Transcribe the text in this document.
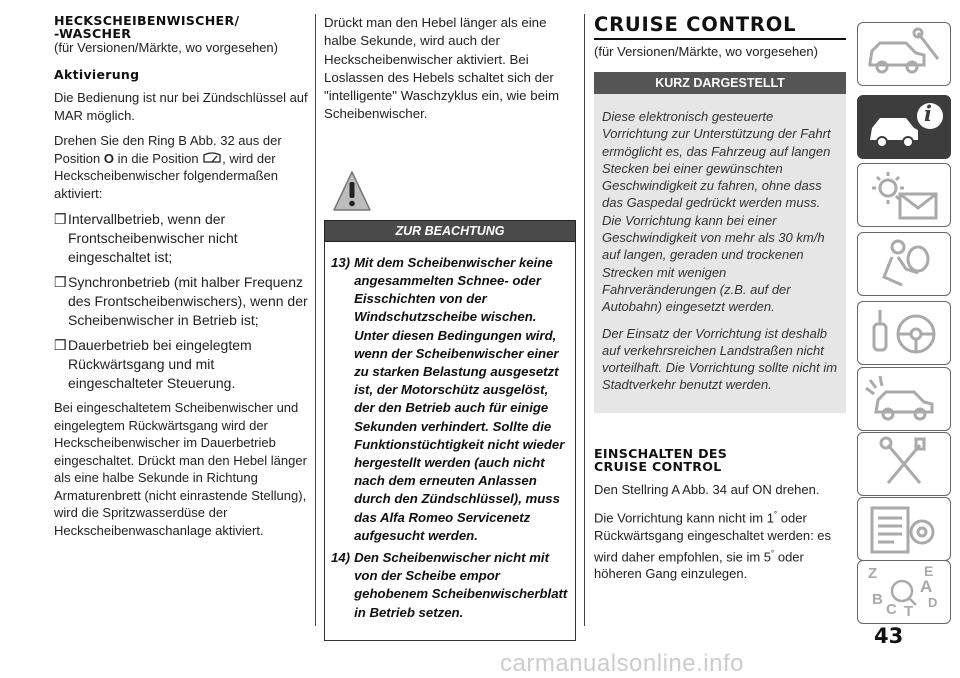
HECKSCHEIBENWISCHER/
-WASCHER

(für Versionen/Märkte, wo vorgesehen)

Aktivierung

Die Bedienung ist nur bei Zündschlüssel auf MAR möglich.

Drehen Sie den Ring B Abb. 32 aus der Position O in die Position , wird der Heckscheibenwischer folgendermaßen aktiviert:

❒ Intervallbetrieb, wenn der Frontscheibenwischer nicht eingeschaltet ist;
❒ Synchronbetrieb (mit halber Frequenz des Frontscheibenwischers), wenn der Scheibenwischer in Betrieb ist;
❒ Dauerbetrieb bei eingelegtem Rückwärtsgang und mit eingeschalteter Steuerung.

Bei eingeschaltetem Scheibenwischer und eingelegtem Rückwärtsgang wird der Heckscheibenwischer im Dauerbetrieb eingeschaltet. Drückt man den Hebel länger als eine halbe Sekunde in Richtung Armaturenbrett (nicht einrastende Stellung), wird die Spritzwasserdüse der Heckscheibenwaschanlage aktiviert.

Drückt man den Hebel länger als eine halbe Sekunde, wird auch der Heckscheibenwischer aktiviert. Bei Loslassen des Hebels schaltet sich der "intelligente" Waschzyklus ein, wie beim Scheibenwischer.

ZUR BEACHTUNG
13) Mit dem Scheibenwischer keine angesammelten Schnee- oder Eisschichten von der Windschutzscheibe wischen. Unter diesen Bedingungen wird, wenn der Scheibenwischer einer zu starken Belastung ausgesetzt ist, der Motorschütz ausgelöst, der den Betrieb auch für einige Sekunden verhindert. Sollte die Funktionstüchtigkeit nicht wieder hergestellt werden (auch nicht nach dem erneuten Anlassen durch den Zündschlüssel), muss das Alfa Romeo Servicenetz aufgesucht werden.
14) Den Scheibenwischer nicht mit von der Scheibe empor gehobenem Scheibenwischerblatt in Betrieb setzen.
CRUISE CONTROL

(für Versionen/Märkte, wo vorgesehen)

KURZ DARGESTELLT

Diese elektronisch gesteuerte Vorrichtung zur Unterstützung der Fahrt ermöglicht es, das Fahrzeug auf langen Stecken bei einer gewünschten Geschwindigkeit zu fahren, ohne dass das Gaspedal gedrückt werden muss. Die Vorrichtung kann bei einer Geschwindigkeit von mehr als 30 km/h auf langen, geraden und trockenen Strecken mit wenigen Fahrveränderungen (z.B. auf der Autobahn) eingesetzt werden.

Der Einsatz der Vorrichtung ist deshalb auf verkehrsreichen Landstraßen nicht vorteilhaft. Die Vorrichtung sollte nicht im Stadtverkehr benutzt werden.

EINSCHALTEN DES
CRUISE CONTROL

Den Stellring A Abb. 34 auf ON drehen.

Die Vorrichtung kann nicht im 1° oder Rückwärtsgang eingeschaltet werden: es wird daher empfohlen, sie im 5° oder höheren Gang einzulegen.

i
Z	E
A
D
B
C T
43
carmanualsonline.info
